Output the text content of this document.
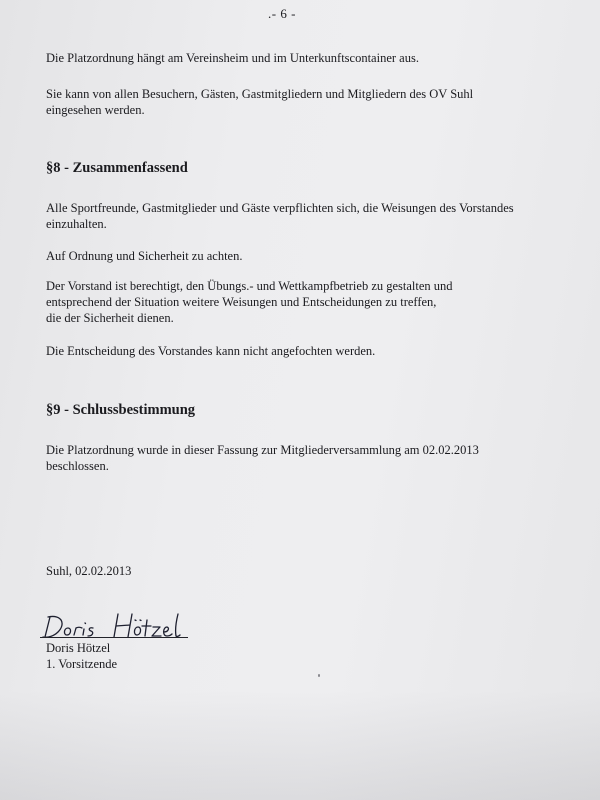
.- 6 -

Die Platzordnung hängt am Vereinsheim und im Unterkunftscontainer aus.

Sie kann von allen Besuchern, Gästen, Gastmitgliedern und Mitgliedern des OV Suhl
eingesehen werden.

§8 - Zusammenfassend

Alle Sportfreunde, Gastmitglieder und Gäste verpflichten sich, die Weisungen des Vorstandes
einzuhalten.

Auf Ordnung und Sicherheit zu achten.

Der Vorstand ist berechtigt, den Übungs.- und Wettkampfbetrieb zu gestalten und
entsprechend der Situation weitere Weisungen und Entscheidungen zu treffen,
die der Sicherheit dienen.

Die Entscheidung des Vorstandes kann nicht angefochten werden.

§9 - Schlussbestimmung

Die Platzordnung wurde in dieser Fassung zur Mitgliederversammlung am 02.02.2013
beschlossen.

Suhl, 02.02.2013

Doris Hötzel

1. Vorsitzende
